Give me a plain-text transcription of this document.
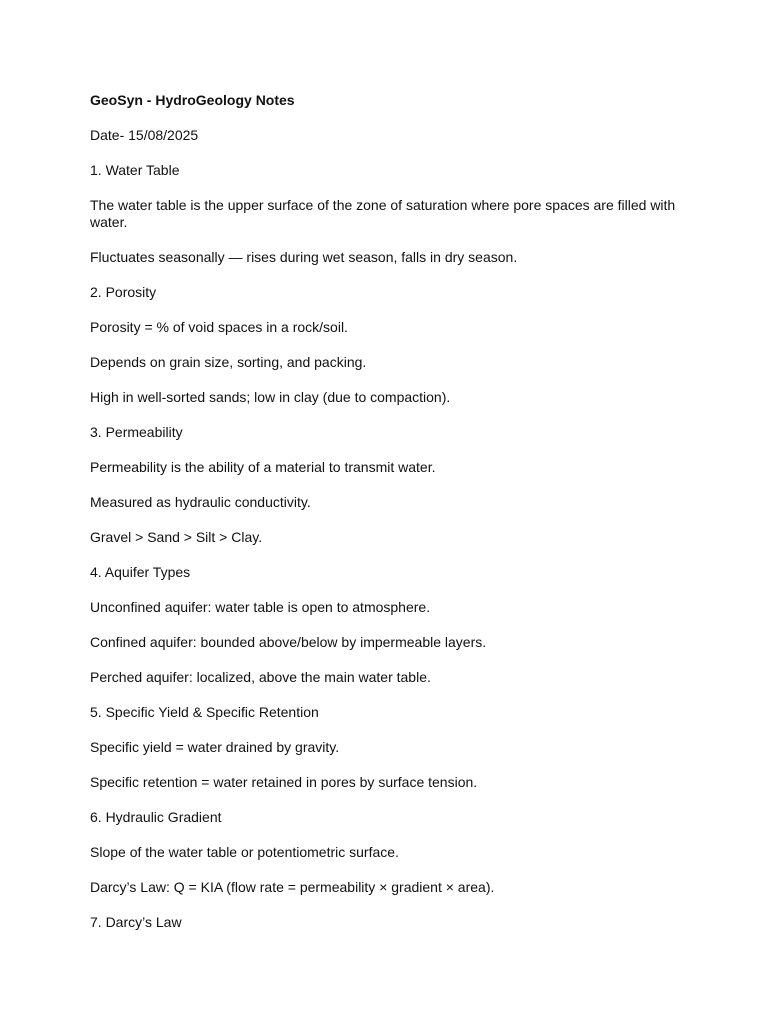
GeoSyn - HydroGeology Notes

Date- 15/08/2025

1. Water Table

The water table is the upper surface of the zone of saturation where pore spaces are filled with water.

Fluctuates seasonally — rises during wet season, falls in dry season.

2. Porosity

Porosity = % of void spaces in a rock/soil.

Depends on grain size, sorting, and packing.

High in well-sorted sands; low in clay (due to compaction).

3. Permeability

Permeability is the ability of a material to transmit water.

Measured as hydraulic conductivity.

Gravel > Sand > Silt > Clay.

4. Aquifer Types

Unconfined aquifer: water table is open to atmosphere.

Confined aquifer: bounded above/below by impermeable layers.

Perched aquifer: localized, above the main water table.

5. Specific Yield & Specific Retention

Specific yield = water drained by gravity.

Specific retention = water retained in pores by surface tension.

6. Hydraulic Gradient

Slope of the water table or potentiometric surface.

Darcy’s Law: Q = KIA (flow rate = permeability × gradient × area).

7. Darcy’s Law
